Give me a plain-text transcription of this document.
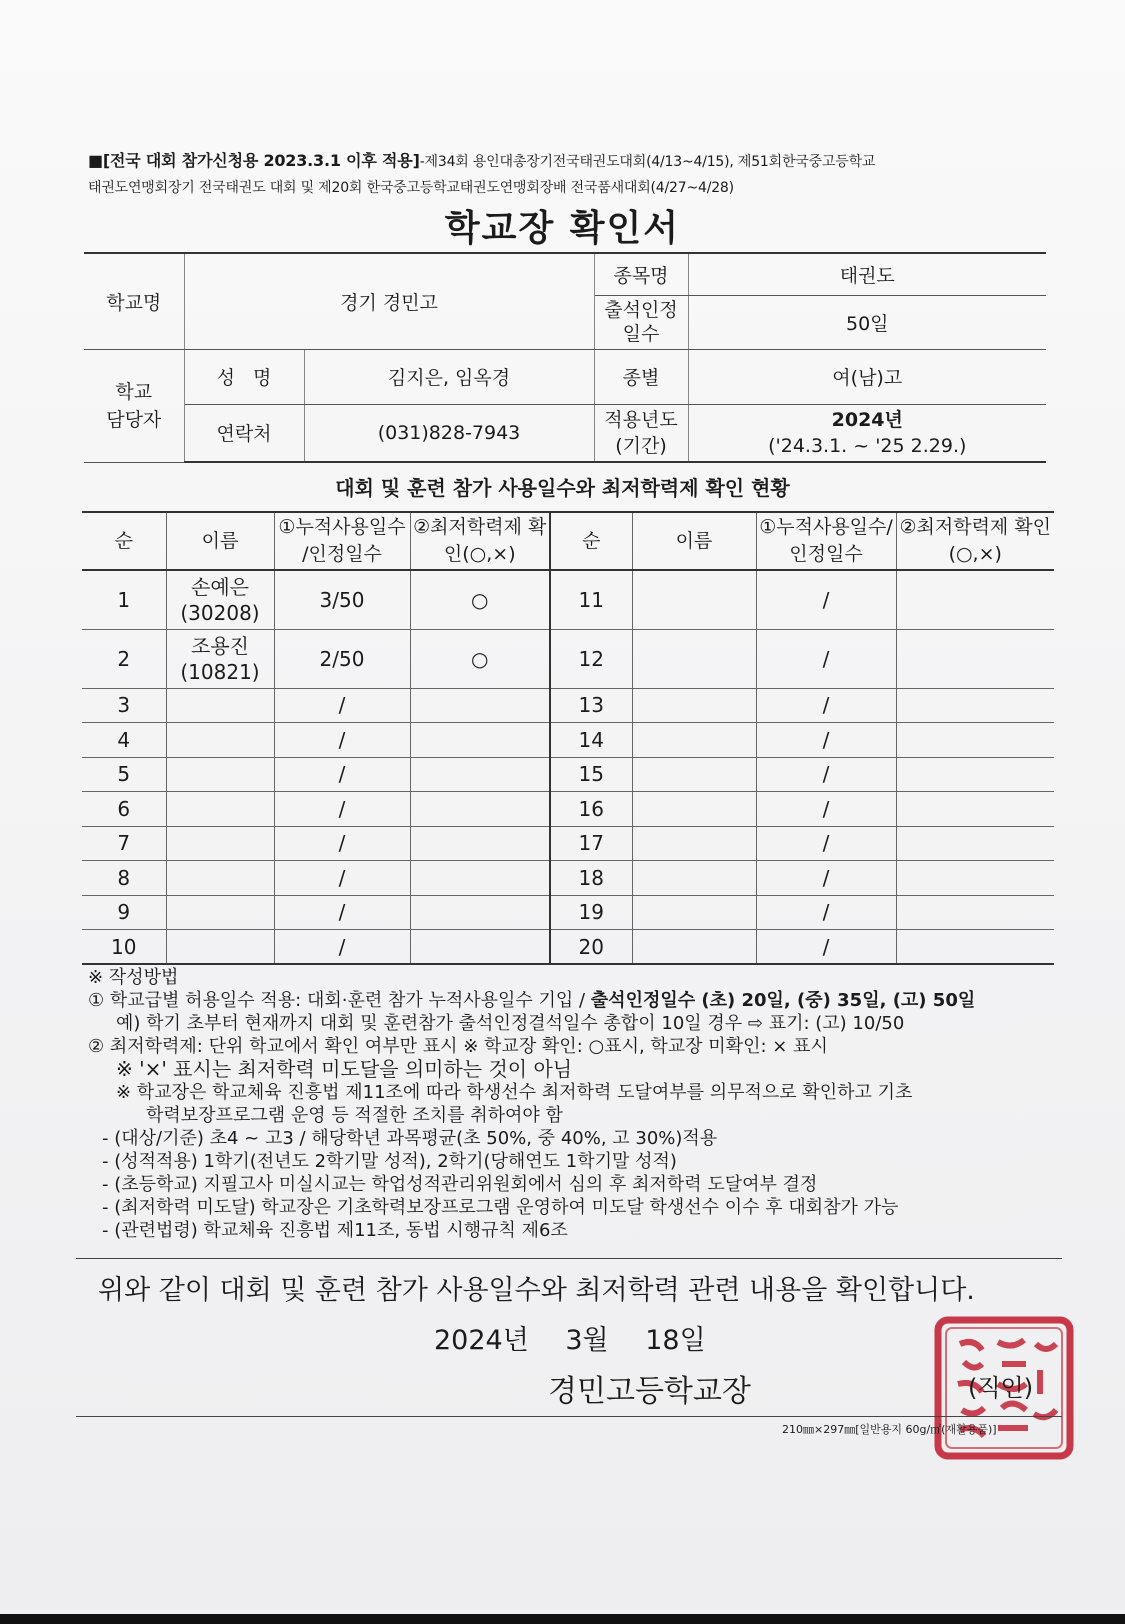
■[전국 대회 참가신청용 2023.3.1 이후 적용]-제34회 용인대총장기전국태권도대회(4/13~4/15), 제51회한국중고등학교
태권도연맹회장기 전국태권도 대회 및 제20회 한국중고등학교태권도연맹회장배 전국품새대회(4/27~4/28)
학교장 확인서
학교명	경기 경민고		종목명	태권도
			출석인정 일수	50일
학교 담당자	성   명	김지은, 임옥경	종별	여(남)고
	연락처	(031)828-7943	적용년도 (기간)	2024년
('24.3.1. ~ '25 2.29.)
대회 및 훈련 참가 사용일수와 최저학력제 확인 현황
순	이름	①누적사용일수 /인정일수	②최저학력제 확인(○,×)	순	이름	①누적사용일수/ 인정일수	②최저학력제 확인(○,×)
1	손예은
(30208)	3/50	○	11		/	
2	조용진
(10821)	2/50	○	12		/	
3		/		13		/	
4		/		14		/	
5		/		15		/	
6		/		16		/	
7		/		17		/	
8		/		18		/	
9		/		19		/	
10		/		20		/	
※ 작성방법
① 학교급별 허용일수 적용: 대회·훈련 참가 누적사용일수 기입 / 출석인정일수 (초) 20일, (중) 35일, (고) 50일
예) 학기 초부터 현재까지 대회 및 훈련참가 출석인정결석일수 총합이 10일 경우 ⇨ 표기: (고) 10/50
② 최저학력제: 단위 학교에서 확인 여부만 표시 ※ 학교장 확인: ○표시, 학교장 미확인: × 표시
※ '×' 표시는 최저학력 미도달을 의미하는 것이 아님
※ 학교장은 학교체육 진흥법 제11조에 따라 학생선수 최저학력 도달여부를 의무적으로 확인하고 기초
학력보장프로그램 운영 등 적절한 조치를 취하여야 함
- (대상/기준) 초4 ~ 고3 / 해당학년 과목평균(초 50%, 중 40%, 고 30%)적용
- (성적적용) 1학기(전년도 2학기말 성적), 2학기(당해연도 1학기말 성적)
- (초등학교) 지필고사 미실시교는 학업성적관리위원회에서 심의 후 최저학력 도달여부 결정
- (최저학력 미도달) 학교장은 기초학력보장프로그램 운영하여 미도달 학생선수 이수 후 대회참가 가능
- (관련법령) 학교체육 진흥법 제11조, 동법 시행규칙 제6조
위와 같이 대회 및 훈련 참가 사용일수와 최저학력 관련 내용을 확인합니다.
2024년 3월 18일
경민고등학교장	(직인)
210㎜×297㎜[일반용지 60g/㎡(재활용품)]
